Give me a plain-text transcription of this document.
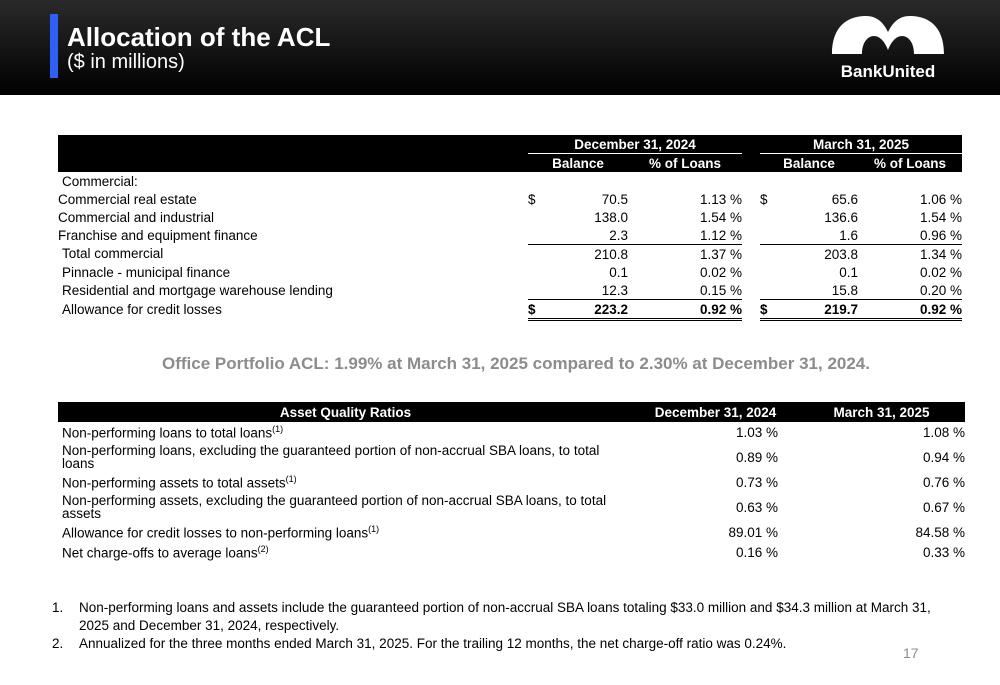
Allocation of the ACL
($ in millions)	BankUnited
	December 31, 2024				March 31, 2025		
	Balance		% of Loans		Balance		% of Loans
Commercial:							
Commercial real estate	$	70.5	1.13 %		$	65.6	1.06 %
Commercial and industrial		138.0	1.54 %			136.6	1.54 %
Franchise and equipment finance		2.3	1.12 %			1.6	0.96 %
Total commercial		210.8	1.37 %			203.8	1.34 %
Pinnacle - municipal finance		0.1	0.02 %			0.1	0.02 %
Residential and mortgage warehouse lending		12.3	0.15 %			15.8	0.20 %
Allowance for credit losses	$	223.2	0.92 %		$	219.7	0.92 %
Office Portfolio ACL: 1.99% at March 31, 2025 compared to 2.30% at December 31, 2024.
Asset Quality Ratios	December 31, 2024	March 31, 2025
Non-performing loans to total loans$^{(1)}$	1.03 %	1.08 %
Non-performing loans, excluding the guaranteed portion of non-accrual SBA loans, to total loans	0.89 %	0.94 %
Non-performing assets to total assets$^{(1)}$	0.73 %	0.76 %
Non-performing assets, excluding the guaranteed portion of non-accrual SBA loans, to total assets	0.63 %	0.67 %
Allowance for credit losses to non-performing loans$^{(1)}$	89.01 %	84.58 %
Net charge-offs to average loans$^{(2)}$	0.16 %	0.33 %
1.	Non-performing loans and assets include the guaranteed portion of non-accrual SBA loans totaling $33.0 million and $34.3 million at March 31, 2025 and December 31, 2024, respectively.
2.	Annualized for the three months ended March 31, 2025. For the trailing 12 months, the net charge-off ratio was 0.24%.
17
